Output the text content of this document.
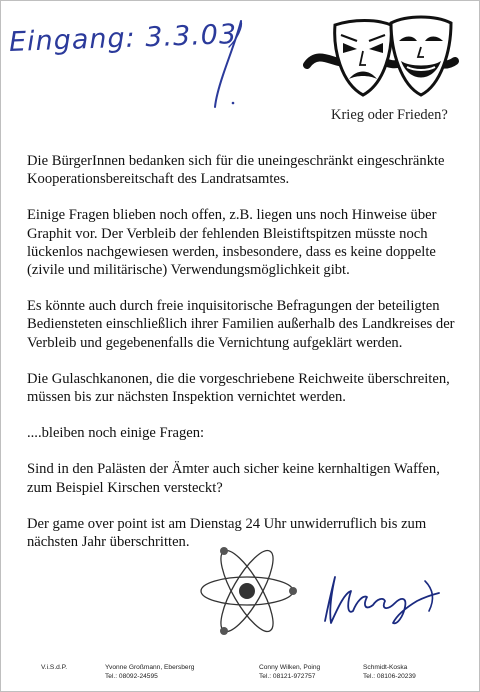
Eingang: 3.3.03
Krieg oder Frieden?

Die BürgerInnen bedanken sich für die uneingeschränkt eingeschränkte Kooperationsbereitschaft des Landratsamtes.

Einige Fragen blieben noch offen, z.B. liegen uns noch Hinweise über Graphit vor. Der Verbleib der fehlenden Bleistiftspitzen müsste noch lückenlos nachgewiesen werden, insbesondere, dass es keine doppelte (zivile und militärische) Verwendungsmöglichkeit gibt.

Es könnte auch durch freie inquisitorische Befragungen der beteiligten Bediensteten einschließlich ihrer Familien außerhalb des Landkreises der Verbleib und gegebenenfalls die Vernichtung aufgeklärt werden.

Die Gulaschkanonen, die die vorgeschriebene Reichweite überschreiten, müssen bis zur nächsten Inspektion vernichtet werden.

....bleiben noch einige Fragen:

Sind in den Palästen der Ämter auch sicher keine kernhaltigen Waffen, zum Beispiel Kirschen versteckt?

Der game over point ist am Dienstag 24 Uhr unwiderruflich bis zum nächsten Jahr überschritten.

V.i.S.d.P.	Yvonne Großmann, Ebersberg
Tel.: 08092-24595
Conny Wilken, Poing
Tel.: 08121-972757
Schmidt-Koska
Tel.: 08106-20239
